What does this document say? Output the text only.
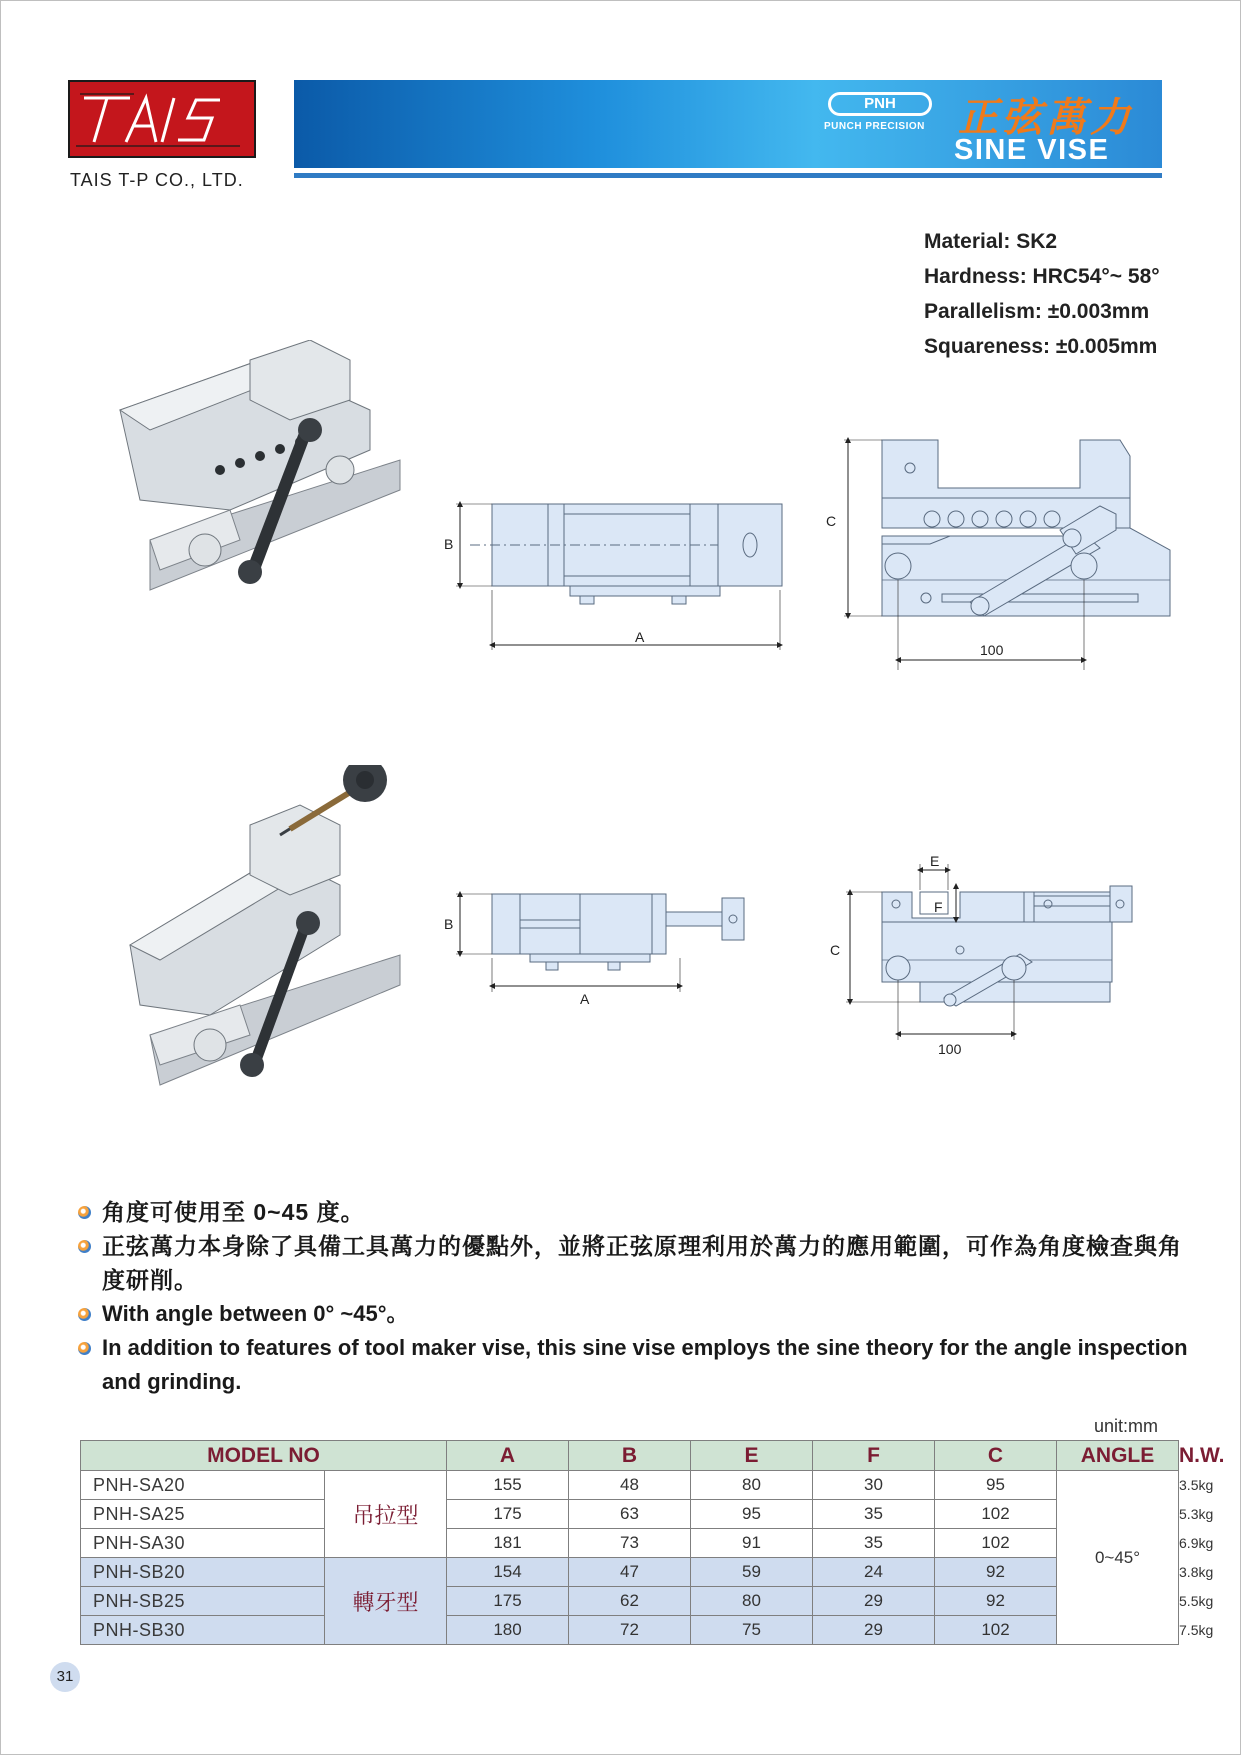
TAIS T-P CO., LTD.
PNH
PUNCH PRECISION 正弦萬力
SINE VISE
Material: SK2
Hardness: HRC54°~ 58°
Parallelism: ±0.003mm
Squareness: ±0.005mm
B
A
C
100
B
A
E
F
C
100
角度可使用至 0~45 度。
正弦萬力本身除了具備工具萬力的優點外，並將正弦原理利用於萬力的應用範圍，可作為角度檢查與角度研削。
With angle between 0° ~45°。
In addition to features of tool maker vise, this sine vise employs the sine theory for the angle inspection and grinding.
unit:mm
MODEL NO		A	B	E	F	C	ANGLE	N.W.
PNH-SA20	吊拉型	155	48	80	30	95	0~45°	3.5kg
PNH-SA25		175	63	95	35	102		5.3kg
PNH-SA30		181	73	91	35	102		6.9kg
PNH-SB20	轉牙型	154	47	59	24	92		3.8kg
PNH-SB25		175	62	80	29	92		5.5kg
PNH-SB30		180	72	75	29	102		7.5kg
31
